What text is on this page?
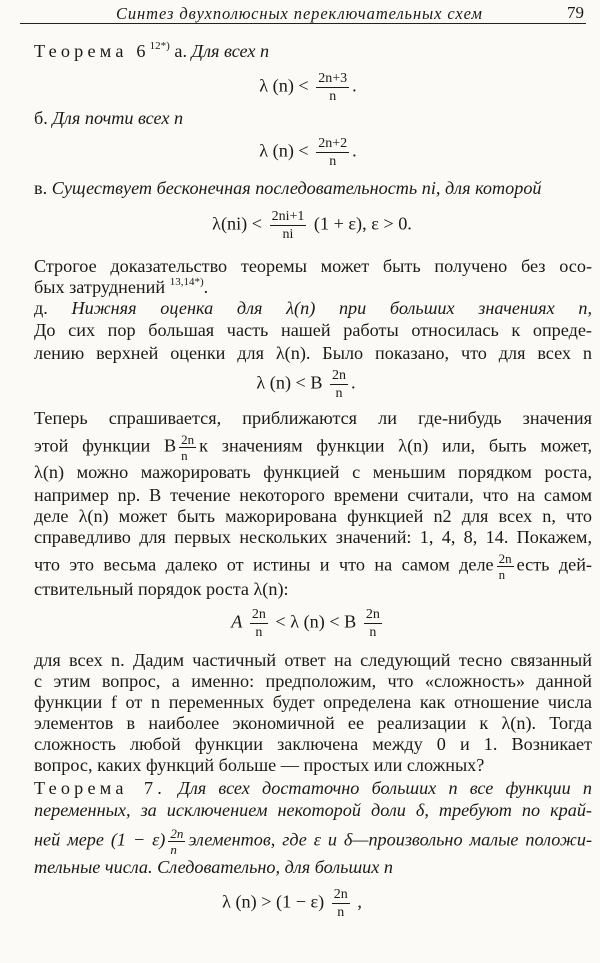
Синтез двухполюсных переключательных схем	79
Теорема $6^{12*)}$ а. Для всех n
λ $(n) < \frac{2n+3}{n}$ .
б. Для почти всех n
λ $(n) < \frac{2n+2}{n}$ .
в. Существует бесконечная последовательность ni, для которой
$\lambda(ni) < \frac{2ni+1}{ni} (1 + \varepsilon)$, ε > 0.
Строгое доказательство теоремы может быть получено без осо-
бых затруднений $^{13,14*)}$.
д. Нижняя оценка для λ(n) при больших значениях n,
До сих пор большая часть нашей работы относилась к опреде-
лению верхней оценки для λ(n). Было показано, что для всех n
λ (n) < B $\frac{2n}{n}$ .
Теперь спрашивается, приближаются ли где-нибудь значения
этой функции B $\frac{2n}{n}$ к значениям функции λ(n) или, быть может,
λ(n) можно мажорировать функцией с меньшим порядком роста,
например np. В течение некоторого времени считали, что на самом
деле λ(n) может быть мажорирована функцией n2 для всех n, что
справедливо для первых нескольких значений: 1, 4, 8, 14. Покажем,
что это весьма далеко от истины и что на самом деле $\frac{2n}{n}$ есть дей-
ствительный порядок роста λ(n):
A $\frac{2n}{n} < \lambda$ (n) < B $\frac{2n}{n}$
для всех n. Дадим частичный ответ на следующий тесно связанный
с этим вопрос, а именно: предположим, что «сложность» данной
функции f от n переменных будет определена как отношение числа
элементов в наиболее экономичной ее реализации к λ(n). Тогда
сложность любой функции заключена между 0 и 1. Возникает
вопрос, каких функций больше — простых или сложных?
Теорема 7. Для всех достаточно больших n все функции n
переменных, за исключением некоторой доли δ, требуют по край-
ней мере $(1 - \varepsilon) \frac{2n}{n}$ элементов, где ε и δ—произвольно малые положи-
тельные числа. Следовательно, для больших n
λ $(n) > (1 - \varepsilon) \frac{2n}{n}$ ,
